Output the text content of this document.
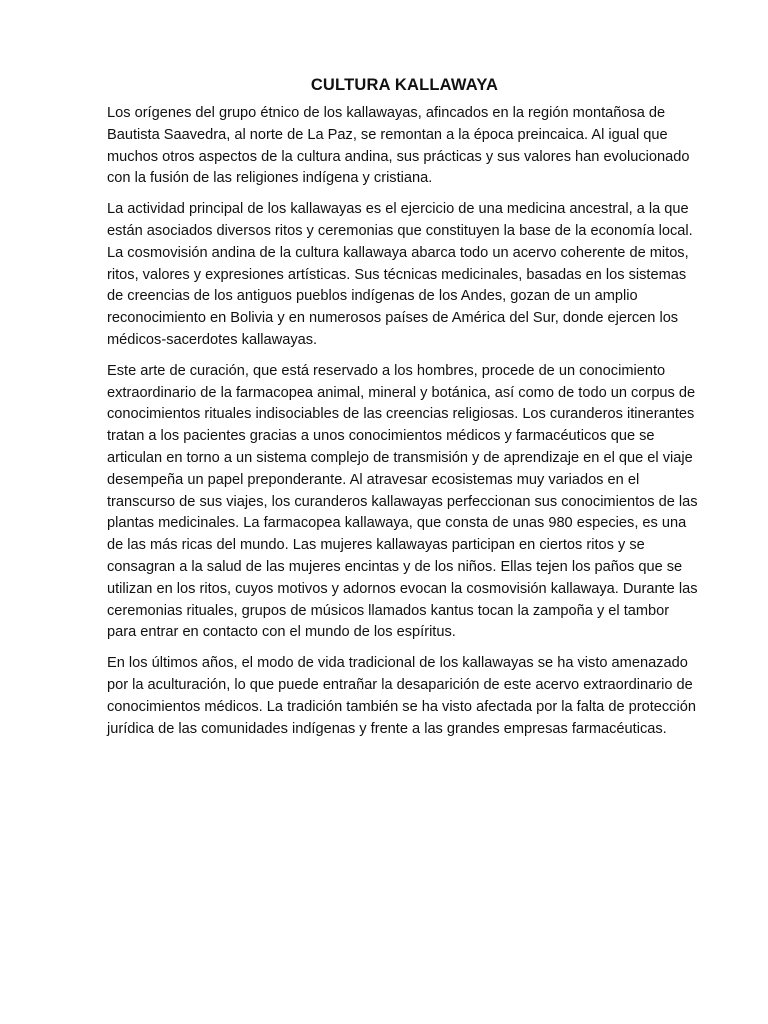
CULTURA KALLAWAYA

Los orígenes del grupo étnico de los kallawayas, afincados en la región montañosa de Bautista Saavedra, al norte de La Paz, se remontan a la época preincaica. Al igual que muchos otros aspectos de la cultura andina, sus prácticas y sus valores han evolucionado con la fusión de las religiones indígena y cristiana.

La actividad principal de los kallawayas es el ejercicio de una medicina ancestral, a la que están asociados diversos ritos y ceremonias que constituyen la base de la economía local. La cosmovisión andina de la cultura kallawaya abarca todo un acervo coherente de mitos, ritos, valores y expresiones artísticas. Sus técnicas medicinales, basadas en los sistemas de creencias de los antiguos pueblos indígenas de los Andes, gozan de un amplio reconocimiento en Bolivia y en numerosos países de América del Sur, donde ejercen los médicos-sacerdotes kallawayas.

Este arte de curación, que está reservado a los hombres, procede de un conocimiento extraordinario de la farmacopea animal, mineral y botánica, así como de todo un corpus de conocimientos rituales indisociables de las creencias religiosas. Los curanderos itinerantes tratan a los pacientes gracias a unos conocimientos médicos y farmacéuticos que se articulan en torno a un sistema complejo de transmisión y de aprendizaje en el que el viaje desempeña un papel preponderante. Al atravesar ecosistemas muy variados en el transcurso de sus viajes, los curanderos kallawayas perfeccionan sus conocimientos de las plantas medicinales. La farmacopea kallawaya, que consta de unas 980 especies, es una de las más ricas del mundo. Las mujeres kallawayas participan en ciertos ritos y se consagran a la salud de las mujeres encintas y de los niños. Ellas tejen los paños que se utilizan en los ritos, cuyos motivos y adornos evocan la cosmovisión kallawaya. Durante las ceremonias rituales, grupos de músicos llamados kantus tocan la zampoña y el tambor para entrar en contacto con el mundo de los espíritus.

En los últimos años, el modo de vida tradicional de los kallawayas se ha visto amenazado por la aculturación, lo que puede entrañar la desaparición de este acervo extraordinario de conocimientos médicos. La tradición también se ha visto afectada por la falta de protección jurídica de las comunidades indígenas y frente a las grandes empresas farmacéuticas.
